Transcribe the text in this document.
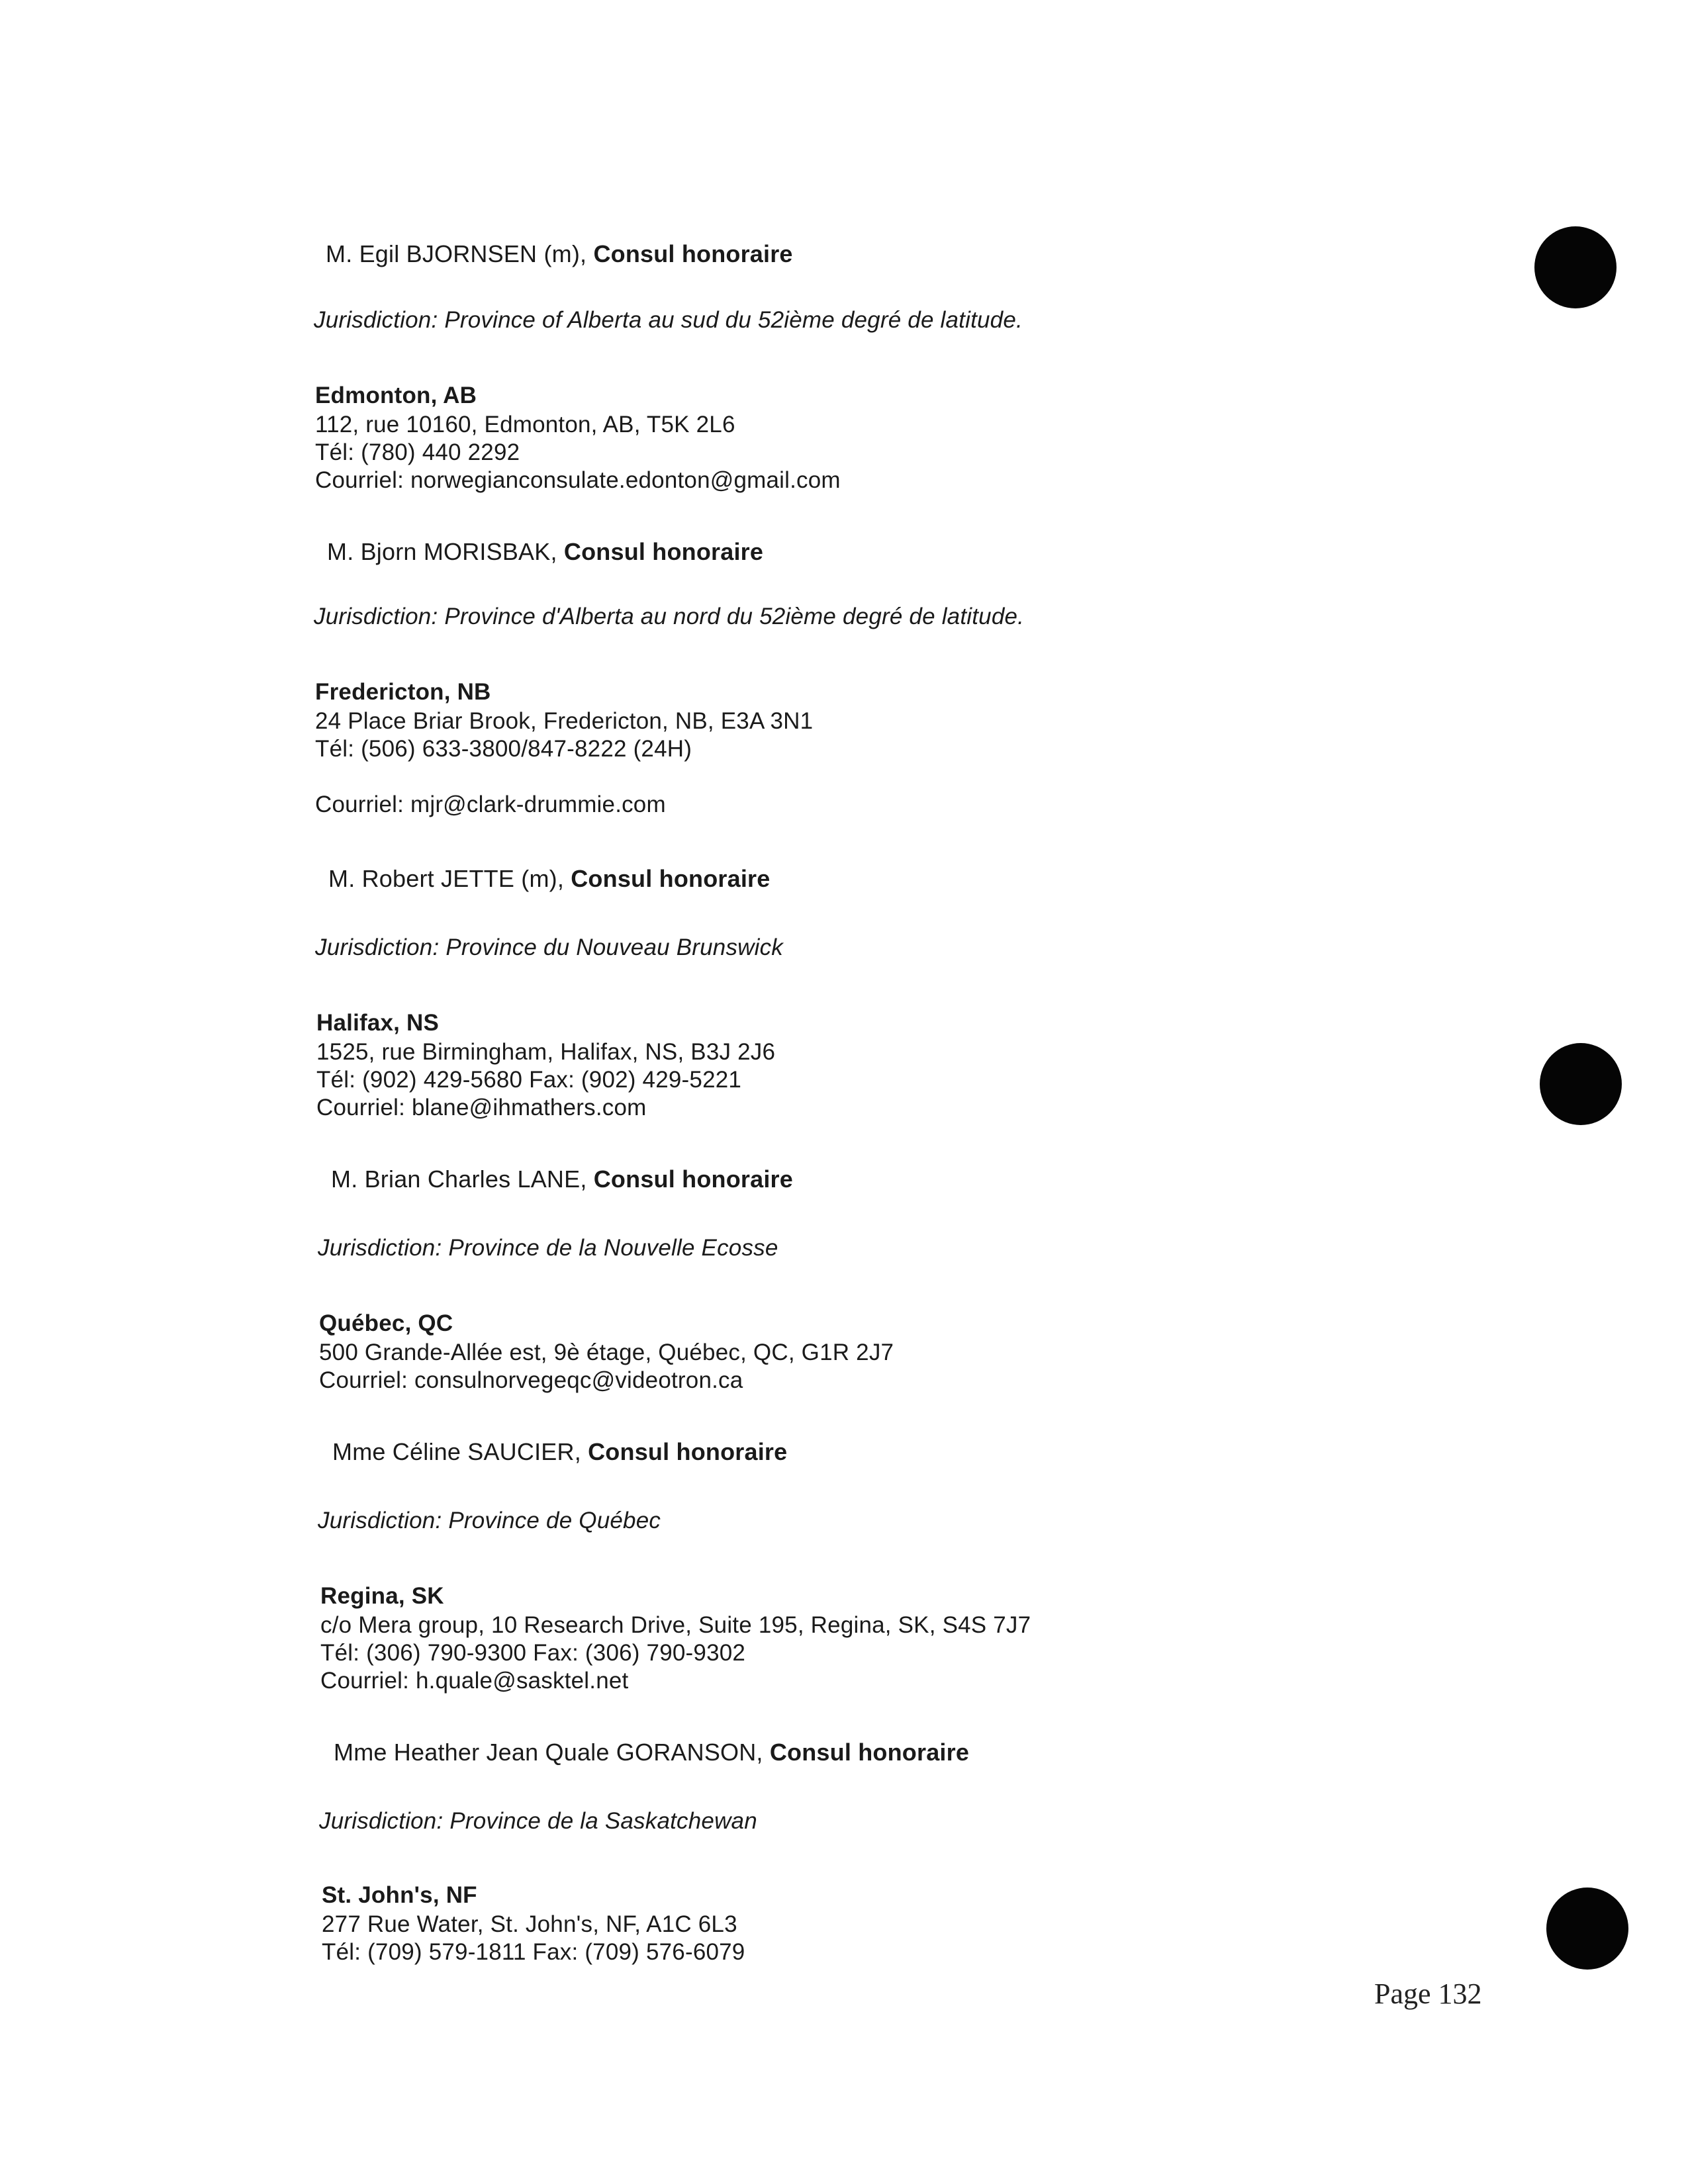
M. Egil BJORNSEN (m), Consul honoraire
Jurisdiction: Province of Alberta au sud du 52ième degré de latitude.
Edmonton, AB
112, rue 10160, Edmonton, AB, T5K 2L6
Tél: (780) 440 2292
Courriel: norwegianconsulate.edonton@gmail.com
M. Bjorn MORISBAK, Consul honoraire
Jurisdiction: Province d'Alberta au nord du 52ième degré de latitude.
Fredericton, NB
24 Place Briar Brook, Fredericton, NB, E3A 3N1
Tél: (506) 633-3800/847-8222 (24H)
Courriel: mjr@clark-drummie.com
M. Robert JETTE (m), Consul honoraire
Jurisdiction: Province du Nouveau Brunswick
Halifax, NS
1525, rue Birmingham, Halifax, NS, B3J 2J6
Tél: (902) 429-5680 Fax: (902) 429-5221
Courriel: blane@ihmathers.com
M. Brian Charles LANE, Consul honoraire
Jurisdiction: Province de la Nouvelle Ecosse
Québec, QC
500 Grande-Allée est, 9è étage, Québec, QC, G1R 2J7
Courriel: consulnorvegeqc@videotron.ca
Mme Céline SAUCIER, Consul honoraire
Jurisdiction: Province de Québec
Regina, SK
c/o Mera group, 10 Research Drive, Suite 195, Regina, SK, S4S 7J7
Tél: (306) 790-9300 Fax: (306) 790-9302
Courriel: h.quale@sasktel.net
Mme Heather Jean Quale GORANSON, Consul honoraire
Jurisdiction: Province de la Saskatchewan
St. John's, NF
277 Rue Water, St. John's, NF, A1C 6L3
Tél: (709) 579-1811 Fax: (709) 576-6079
Page 132
